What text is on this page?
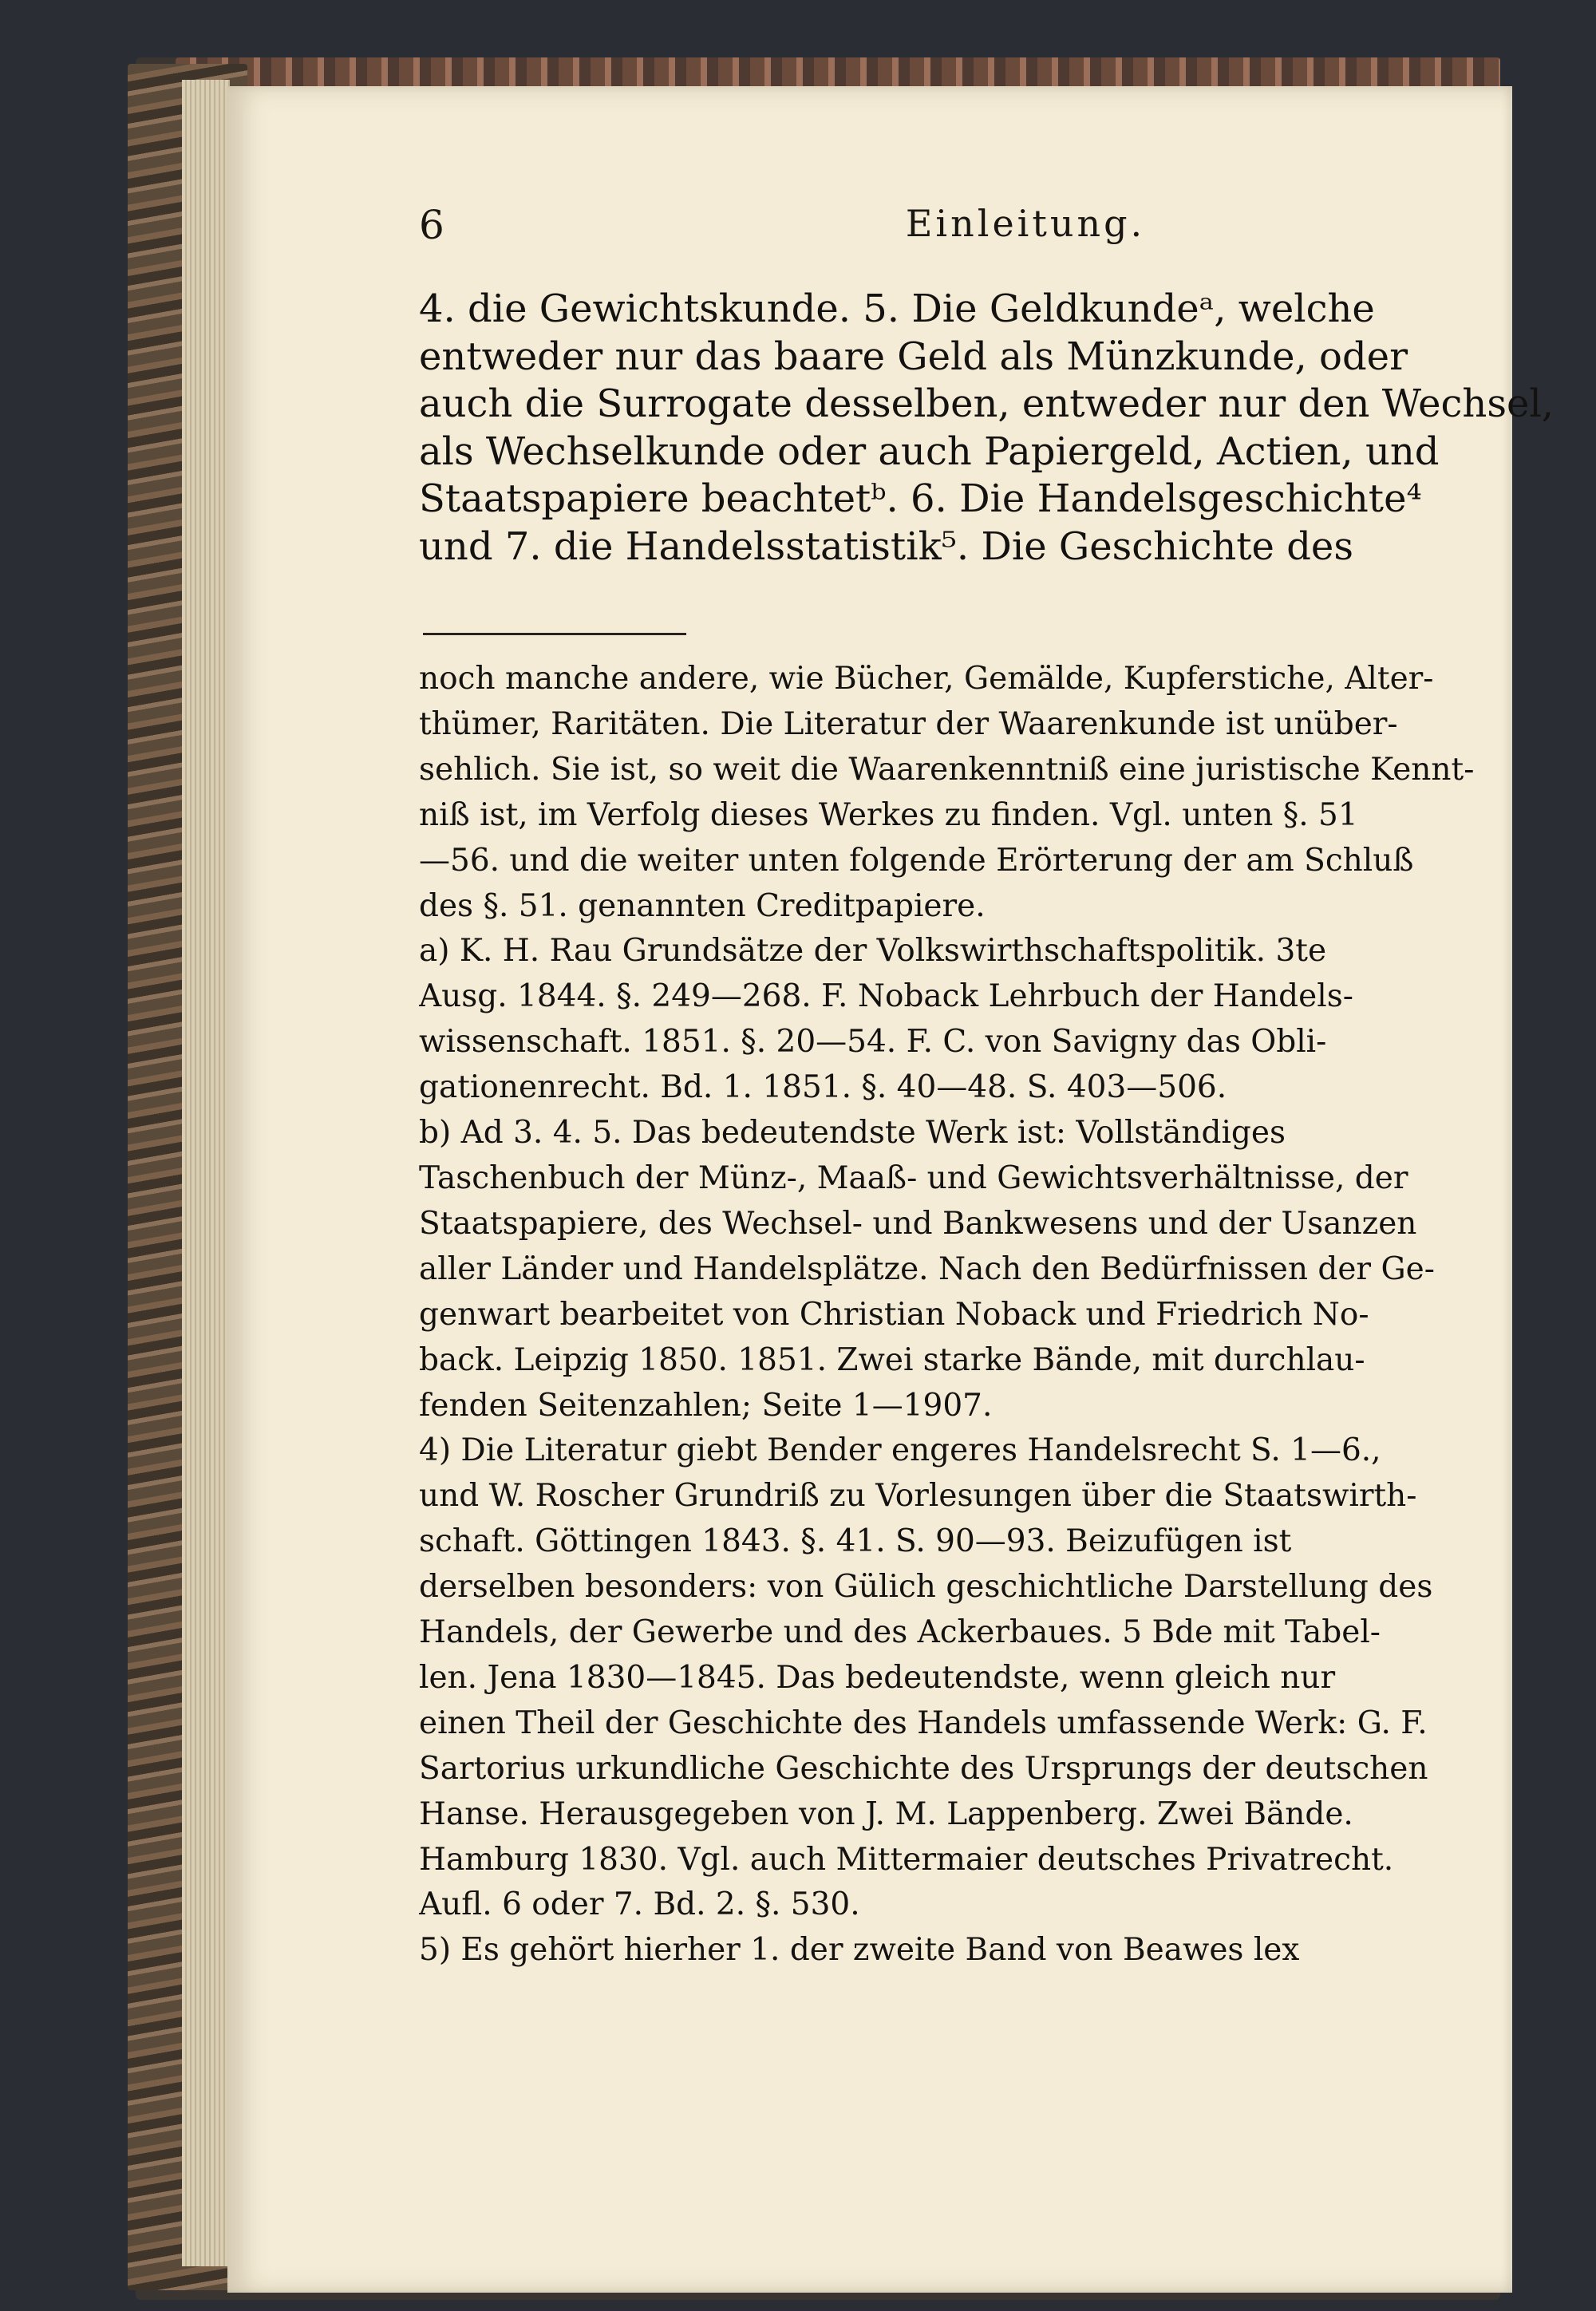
6	Einleitung.
4. die Gewichtskunde. 5. Die Geldkundeᵃ, welche
entweder nur das baare Geld als Münzkunde, oder
auch die Surrogate desselben, entweder nur den Wechsel,
als Wechselkunde oder auch Papiergeld, Actien, und
Staatspapiere beachtetᵇ. 6. Die Handelsgeschichte⁴
und 7. die Handelsstatistik⁵. Die Geschichte des
noch manche andere, wie Bücher, Gemälde, Kupferstiche, Alter-
thümer, Raritäten. Die Literatur der Waarenkunde ist unüber-
sehlich. Sie ist, so weit die Waarenkenntniß eine juristische Kennt-
niß ist, im Verfolg dieses Werkes zu finden. Vgl. unten §. 51
—56. und die weiter unten folgende Erörterung der am Schluß
des §. 51. genannten Creditpapiere.
a) K. H. Rau Grundsätze der Volkswirthschaftspolitik. 3te
Ausg. 1844. §. 249—268. F. Noback Lehrbuch der Handels-
wissenschaft. 1851. §. 20—54. F. C. von Savigny das Obli-
gationenrecht. Bd. 1. 1851. §. 40—48. S. 403—506.
b) Ad 3. 4. 5. Das bedeutendste Werk ist: Vollständiges
Taschenbuch der Münz-, Maaß- und Gewichtsverhältnisse, der
Staatspapiere, des Wechsel- und Bankwesens und der Usanzen
aller Länder und Handelsplätze. Nach den Bedürfnissen der Ge-
genwart bearbeitet von Christian Noback und Friedrich No-
back. Leipzig 1850. 1851. Zwei starke Bände, mit durchlau-
fenden Seitenzahlen; Seite 1—1907.
4) Die Literatur giebt Bender engeres Handelsrecht S. 1—6.,
und W. Roscher Grundriß zu Vorlesungen über die Staatswirth-
schaft. Göttingen 1843. §. 41. S. 90—93. Beizufügen ist
derselben besonders: von Gülich geschichtliche Darstellung des
Handels, der Gewerbe und des Ackerbaues. 5 Bde mit Tabel-
len. Jena 1830—1845. Das bedeutendste, wenn gleich nur
einen Theil der Geschichte des Handels umfassende Werk: G. F.
Sartorius urkundliche Geschichte des Ursprungs der deutschen
Hanse. Herausgegeben von J. M. Lappenberg. Zwei Bände.
Hamburg 1830. Vgl. auch Mittermaier deutsches Privatrecht.
Aufl. 6 oder 7. Bd. 2. §. 530.
5) Es gehört hierher 1. der zweite Band von Beawes lex
